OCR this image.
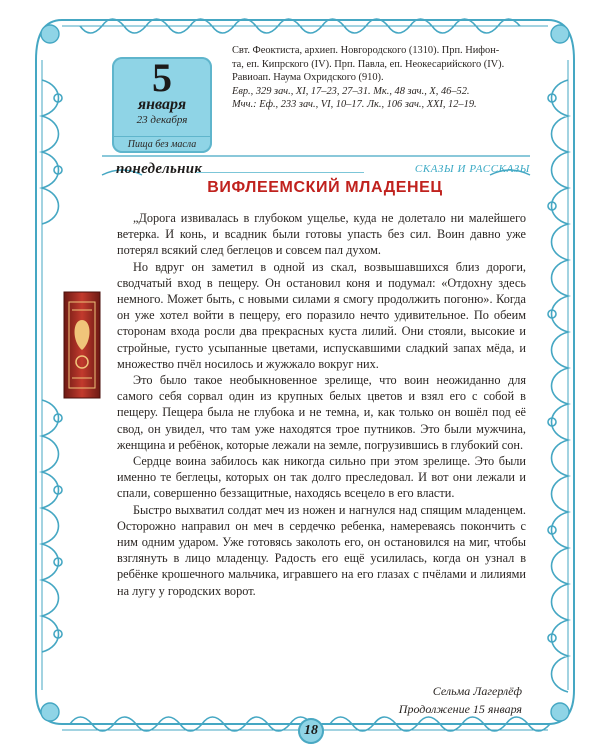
5
января
23 декабря
Пища без масла
Свт. Феоктиста, архиеп. Новгородского (1310). Прп. Нифон-
та, еп. Кипрского (IV). Прп. Павла, еп. Неокесарийского (IV).
Равиоап. Наума Охридского (910).
Евр., 329 зач., XI, 17–23, 27–31. Мк., 48 зач., X, 46–52.
Мчч.: Еф., 233 зач., VI, 10–17. Лк., 106 зач., XXI, 12–19.
понедельник	СКАЗЫ И РАССКАЗЫ
ВИФЛЕЕМСКИЙ МЛАДЕНЕЦ

„Дорога извивалась в глубоком ущелье, куда не долетало ни малейшего ветерка. И конь, и всадник были готовы упасть без сил. Воин давно уже потерял всякий след беглецов и совсем пал духом.

Но вдруг он заметил в одной из скал, возвышавшихся близ дороги, сводчатый вход в пещеру. Он остановил коня и подумал: «Отдохну здесь немного. Может быть, с новыми силами я смогу продолжить погоню». Когда он уже хотел войти в пещеру, его поразило нечто удивительное. По обеим сторонам входа росли два прекрасных куста лилий. Они стояли, высокие и стройные, густо усыпанные цветами, испускавшими сладкий запах мёда, и множество пчёл носилось и жужжало вокруг них.

Это было такое необыкновенное зрелище, что воин неожиданно для самого себя сорвал один из крупных белых цветов и взял его с собой в пещеру. Пещера была не глубока и не темна, и, как только он вошёл под её свод, он увидел, что там уже находятся трое путников. Это были мужчина, женщина и ребёнок, которые лежали на земле, погрузившись в глубокий сон.

Сердце воина забилось как никогда сильно при этом зрелище. Это были именно те беглецы, которых он так долго преследовал. И вот они лежали и спали, совершенно беззащитные, находясь всецело в его власти.

Быстро выхватил солдат меч из ножен и нагнулся над спящим младенцем. Осторожно направил он меч в сердечко ребенка, намереваясь покончить с ним одним ударом. Уже готовясь заколоть его, он остановился на миг, чтобы взглянуть в лицо младенцу. Радость его ещё усилилась, когда он узнал в ребёнке крошечного мальчика, игравшего на его глазах с пчёлами и лилиями на лугу у городских ворот.

Сельма Лагерлёф
Продолжение 15 января
18
